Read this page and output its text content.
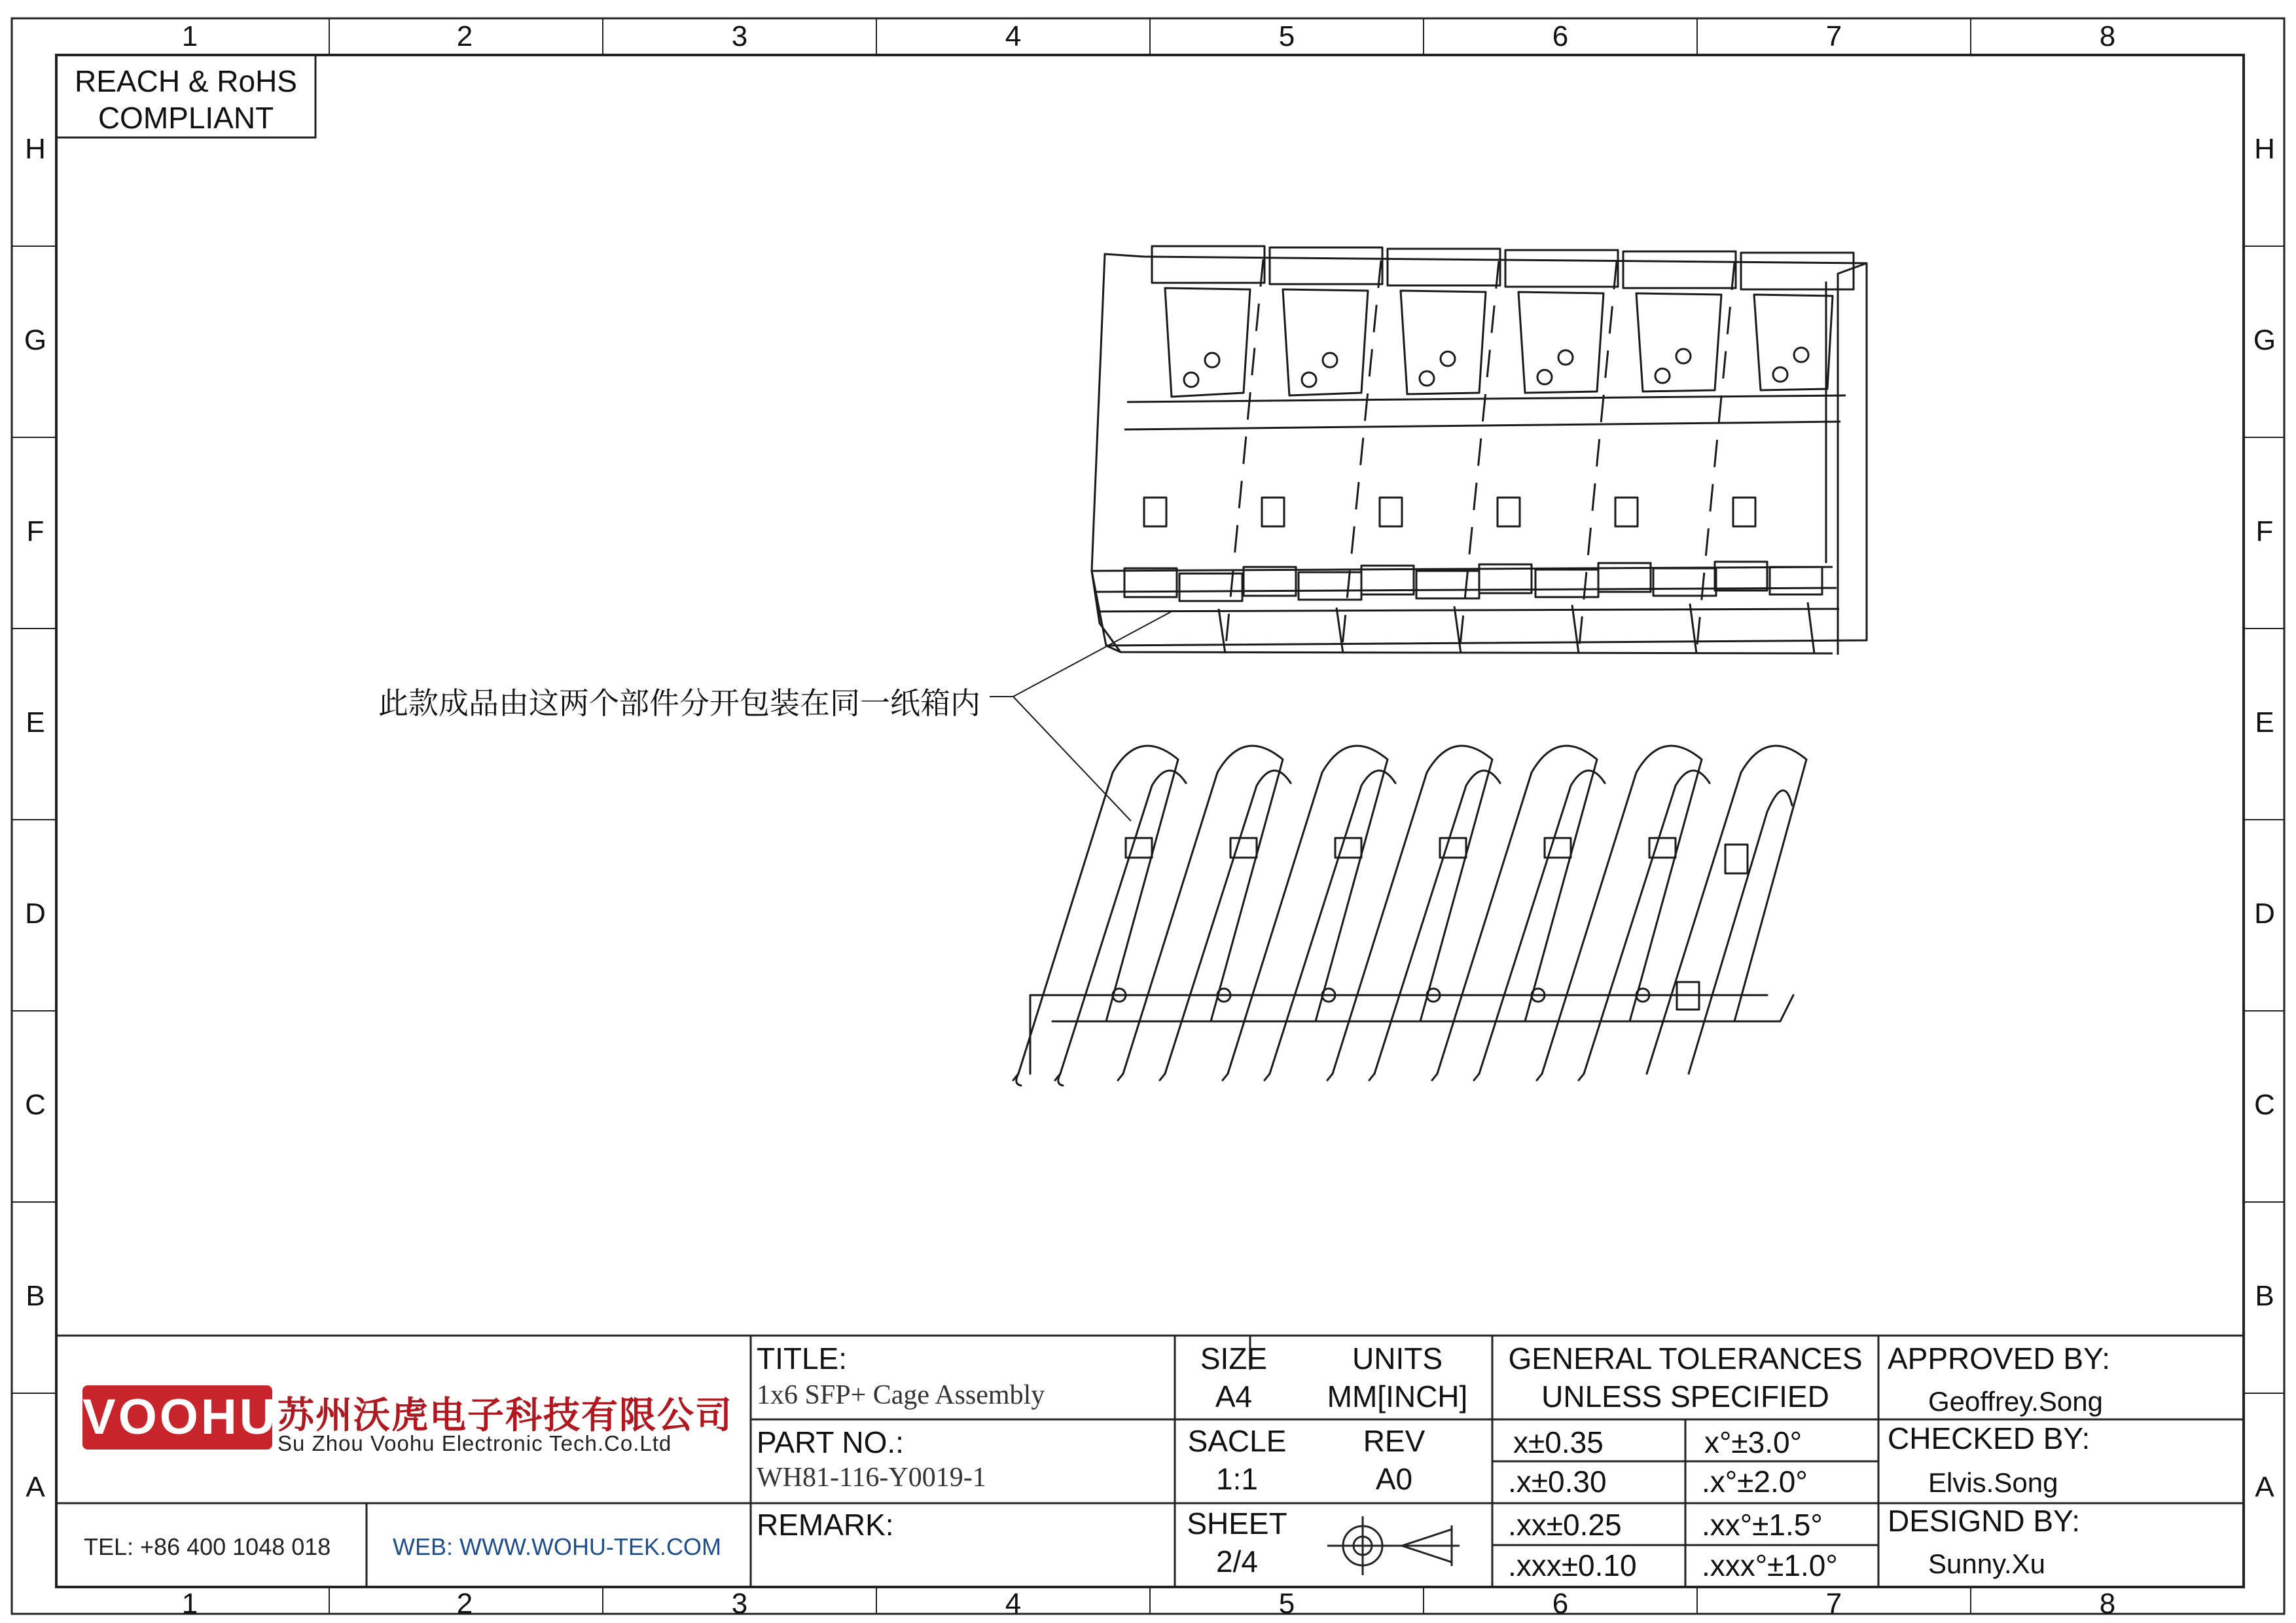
1	2	3	4	5	6	7	8
1	2	3	4	5	6	7	8
H
G
F
E
D
C
B
A
H
G
F
E
D
C
B
A
REACH & RoHS
COMPLIANT
此款成品由这两个部件分开包装在同一纸箱内
VOOHU 苏州沃虎电子科技有限公司
Su Zhou Voohu Electronic Tech.Co.Ltd
TEL: +86 400 1048 018	WEB: WWW.WOHU-TEK.COM
TITLE:
1x6 SFP+ Cage Assembly
PART NO.:
WH81-116-Y0019-1
REMARK:
SIZE
A4
UNITS
MM[INCH]
SACLE
1:1
REV
A0
SHEET
2/4
GENERAL TOLERANCES
UNLESS SPECIFIED
x±0.35	x°±3.0°
.x±0.30	.x°±2.0°
.xx±0.25	.xx°±1.5°
.xxx±0.10 .xxx°±1.0°
APPROVED BY:
Geoffrey.Song
CHECKED BY:
Elvis.Song
DESIGND BY:
Sunny.Xu
